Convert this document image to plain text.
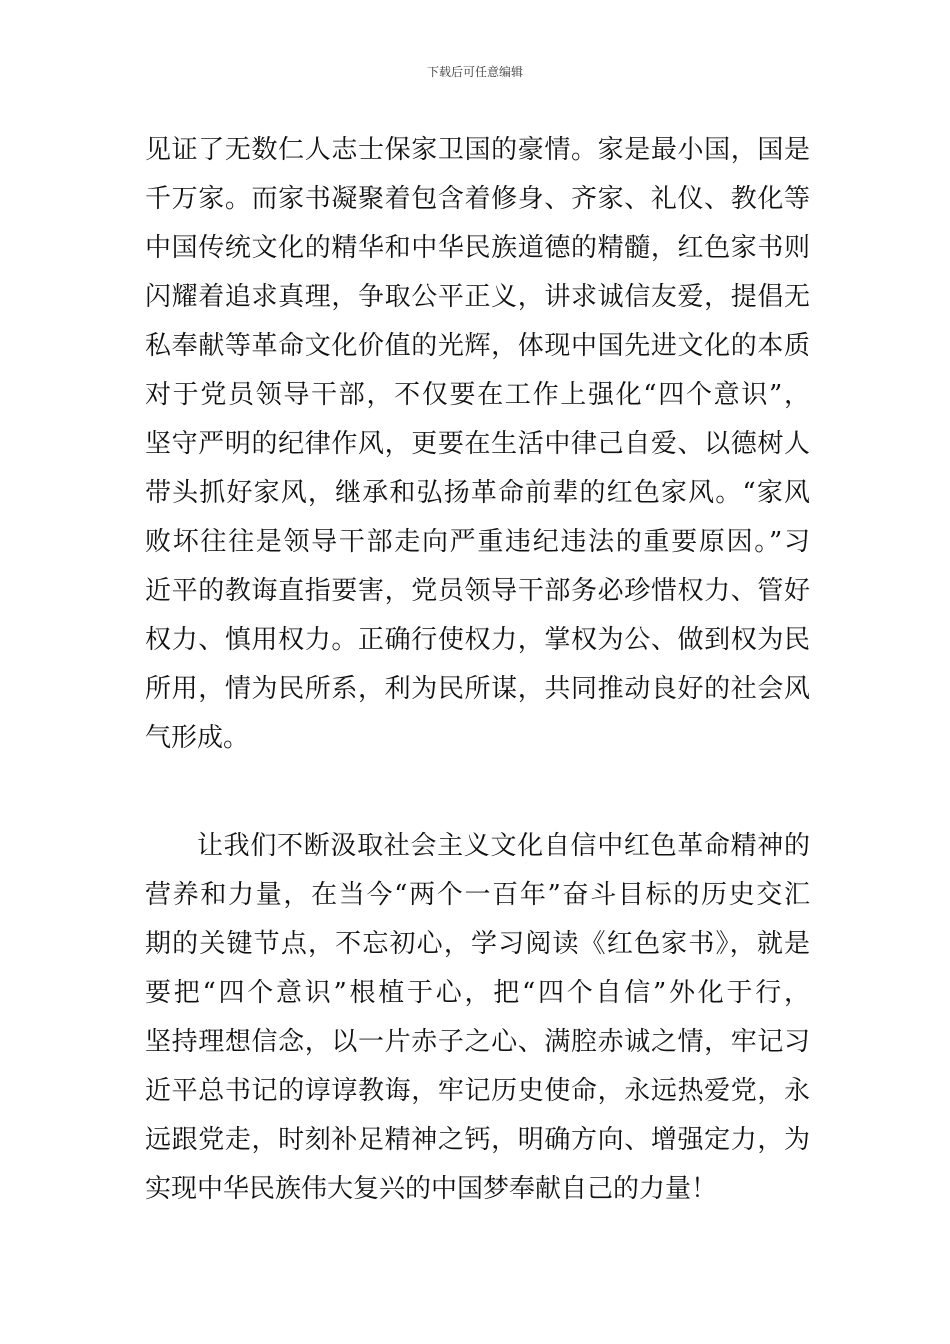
下载后可任意编辑
见证了无数仁人志士保家卫国的豪情。家是最小国，国是
千万家。而家书凝聚着包含着修身、齐家、礼仪、教化等
中国传统文化的精华和中华民族道德的精髓，红色家书则
闪耀着追求真理，争取公平正义，讲求诚信友爱，提倡无
私奉献等革命文化价值的光辉，体现中国先进文化的本质
对于党员领导干部，不仅要在工作上强化“四个意识”，
坚守严明的纪律作风，更要在生活中律己自爱、以德树人
带头抓好家风，继承和弘扬革命前辈的红色家风。“家风
败坏往往是领导干部走向严重违纪违法的重要原因。”习
近平的教诲直指要害，党员领导干部务必珍惜权力、管好
权力、慎用权力。正确行使权力，掌权为公、做到权为民
所用，情为民所系，利为民所谋，共同推动良好的社会风
气形成。
让我们不断汲取社会主义文化自信中红色革命精神的
营养和力量，在当今“两个一百年”奋斗目标的历史交汇
期的关键节点，不忘初心，学习阅读《红色家书》，就是
要把“四个意识”根植于心，把“四个自信”外化于行，
坚持理想信念，以一片赤子之心、满腔赤诚之情，牢记习
近平总书记的谆谆教诲，牢记历史使命，永远热爱党，永
远跟党走，时刻补足精神之钙，明确方向、增强定力，为
实现中华民族伟大复兴的中国梦奉献自己的力量！
